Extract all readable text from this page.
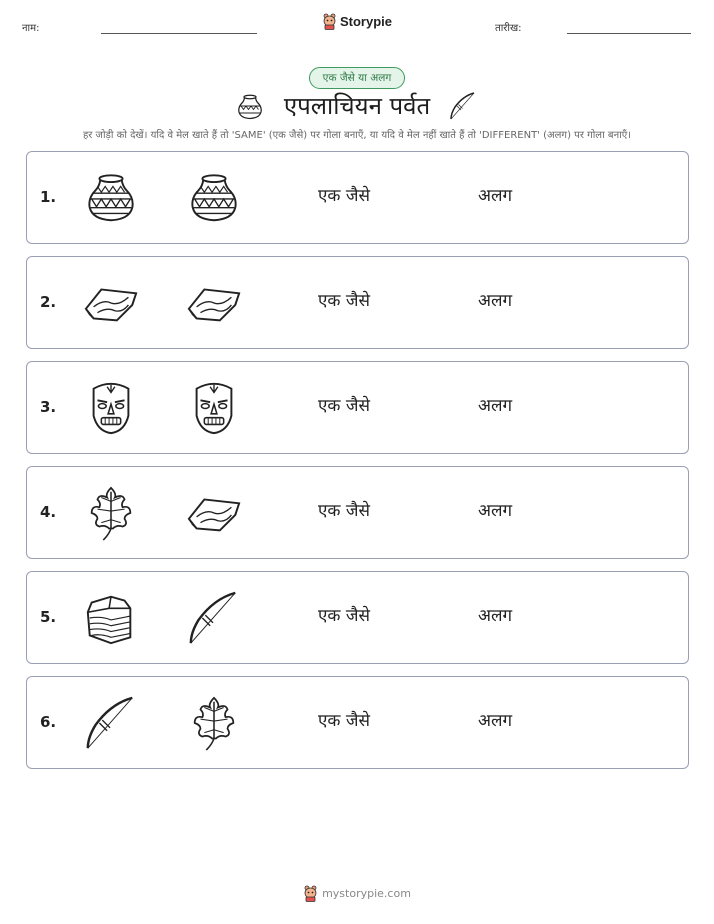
नाम:	Storypie	तारीख:
एक जैसे या अलग
एपलाचियन पर्वत
हर जोड़ी को देखें। यदि वे मेल खाते हैं तो 'SAME' (एक जैसे) पर गोला बनाएँ, या यदि वे मेल नहीं खाते हैं तो 'DIFFERENT' (अलग) पर गोला बनाएँ।
1.	एक जैसे	अलग
2.	एक जैसे	अलग
3.	एक जैसे	अलग
4.	एक जैसे	अलग
5.	एक जैसे	अलग
6.	एक जैसे	अलग
mystorypie.com
